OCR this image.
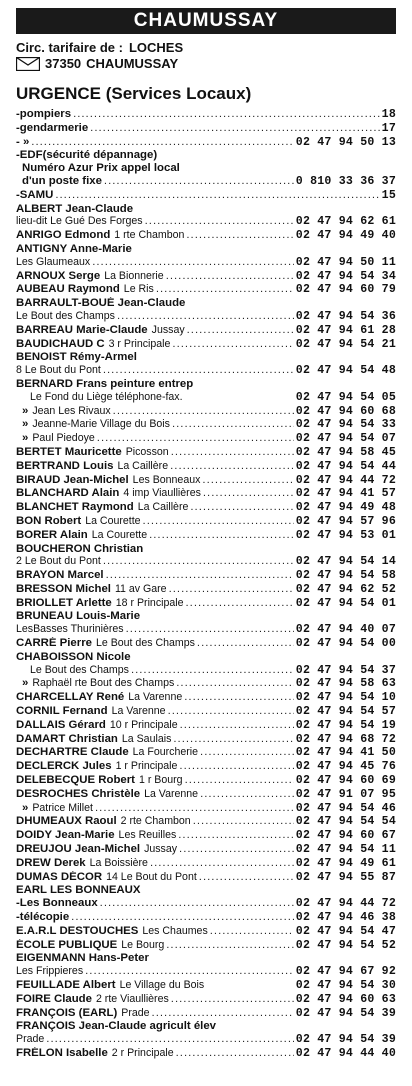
CHAUMUSSAY
Circ. tarifaire de : LOCHES
37350 CHAUMUSSAY
URGENCE (Services Locaux)
-pompiers .....	18
-gendarmerie .....	17
- » .....	02 47 94 50 13
-EDF(sécurité dépannage)
Numéro Azur Prix appel local
d'un poste fixe .....	0 810 33 36 37
-SAMU .....	15
ALBERT Jean-Claude
lieu-dit Le Gué Des Forges .....	02 47 94 62 61
ANRIGO Edmond 1 rte Chambon .....	02 47 94 49 40
ANTIGNY Anne-Marie
Les Glaumeaux .....	02 47 94 50 11
ARNOUX Serge La Bionnerie .....	02 47 94 54 34
AUBEAU Raymond Le Ris .....	02 47 94 60 79
BARRAULT-BOUÉ Jean-Claude
Le Bout des Champs .....	02 47 94 54 36
BARREAU Marie-Claude Jussay .....	02 47 94 61 28
BAUDICHAUD C 3 r Principale .....	02 47 94 54 21
BENOIST Rémy-Armel
8 Le Bout du Pont .....	02 47 94 54 48
BERNARD Frans peinture entrep
Le Fond du Liège téléphone-fax.	02 47 94 54 05
» Jean Les Rivaux .....	02 47 94 60 68
» Jeanne-Marie Village du Bois .....	02 47 94 54 33
» Paul Piedoye .....	02 47 94 54 07
BERTET Mauricette Picosson .....	02 47 94 58 45
BERTRAND Louis La Caillère .....	02 47 94 54 44
BIRAUD Jean-Michel Les Bonneaux .....	02 47 94 44 72
BLANCHARD Alain 4 imp Viaullières .....	02 47 94 41 57
BLANCHET Raymond La Caillère .....	02 47 94 49 48
BON Robert La Courette .....	02 47 94 57 96
BORER Alain La Courette .....	02 47 94 53 01
BOUCHERON Christian
2 Le Bout du Pont .....	02 47 94 54 14
BRAYON Marcel .....	02 47 94 54 58
BRESSON Michel 11 av Gare .....	02 47 94 62 52
BRIOLLET Arlette 18 r Principale .....	02 47 94 54 01
BRUNEAU Louis-Marie
LesBasses Thurinières .....	02 47 94 40 07
CARRÉ Pierre Le Bout des Champs .....	02 47 94 54 00
CHABOISSON Nicole
Le Bout des Champs .....	02 47 94 54 37
» Raphaël rte Bout des Champs .....	02 47 94 58 63
CHARCELLAY René La Varenne .....	02 47 94 54 10
CORNIL Fernand La Varenne .....	02 47 94 54 57
DALLAIS Gérard 10 r Principale .....	02 47 94 54 19
DAMART Christian La Saulais .....	02 47 94 68 72
DECHARTRE Claude La Fourcherie .....	02 47 94 41 50
DECLERCK Jules 1 r Principale .....	02 47 94 45 76
DELEBECQUE Robert 1 r Bourg .....	02 47 94 60 69
DESROCHES Christèle La Varenne .....	02 47 91 07 95
» Patrice Millet .....	02 47 94 54 46
DHUMEAUX Raoul 2 rte Chambon .....	02 47 94 54 54
DOIDY Jean-Marie Les Reuilles .....	02 47 94 60 67
DREUJOU Jean-Michel Jussay .....	02 47 94 54 11
DREW Derek La Boissière .....	02 47 94 49 61
DUMAS DÉCOR 14 Le Bout du Pont .....	02 47 94 55 87
EARL LES BONNEAUX
-Les Bonneaux .....	02 47 94 44 72
-télécopie .....	02 47 94 46 38
E.A.R.L DESTOUCHES Les Chaumes .....	02 47 94 54 47
ÉCOLE PUBLIQUE Le Bourg .....	02 47 94 54 52
EIGENMANN Hans-Peter
Les Frippieres .....	02 47 94 67 92
FEUILLADE Albert Le Village du Bois	02 47 94 54 30
FOIRE Claude 2 rte Viaullières .....	02 47 94 60 63
FRANÇOIS (EARL) Prade .....	02 47 94 54 39
FRANÇOIS Jean-Claude agricult élev
Prade .....	02 47 94 54 39
FRÉLON Isabelle 2 r Principale .....	02 47 94 44 40
